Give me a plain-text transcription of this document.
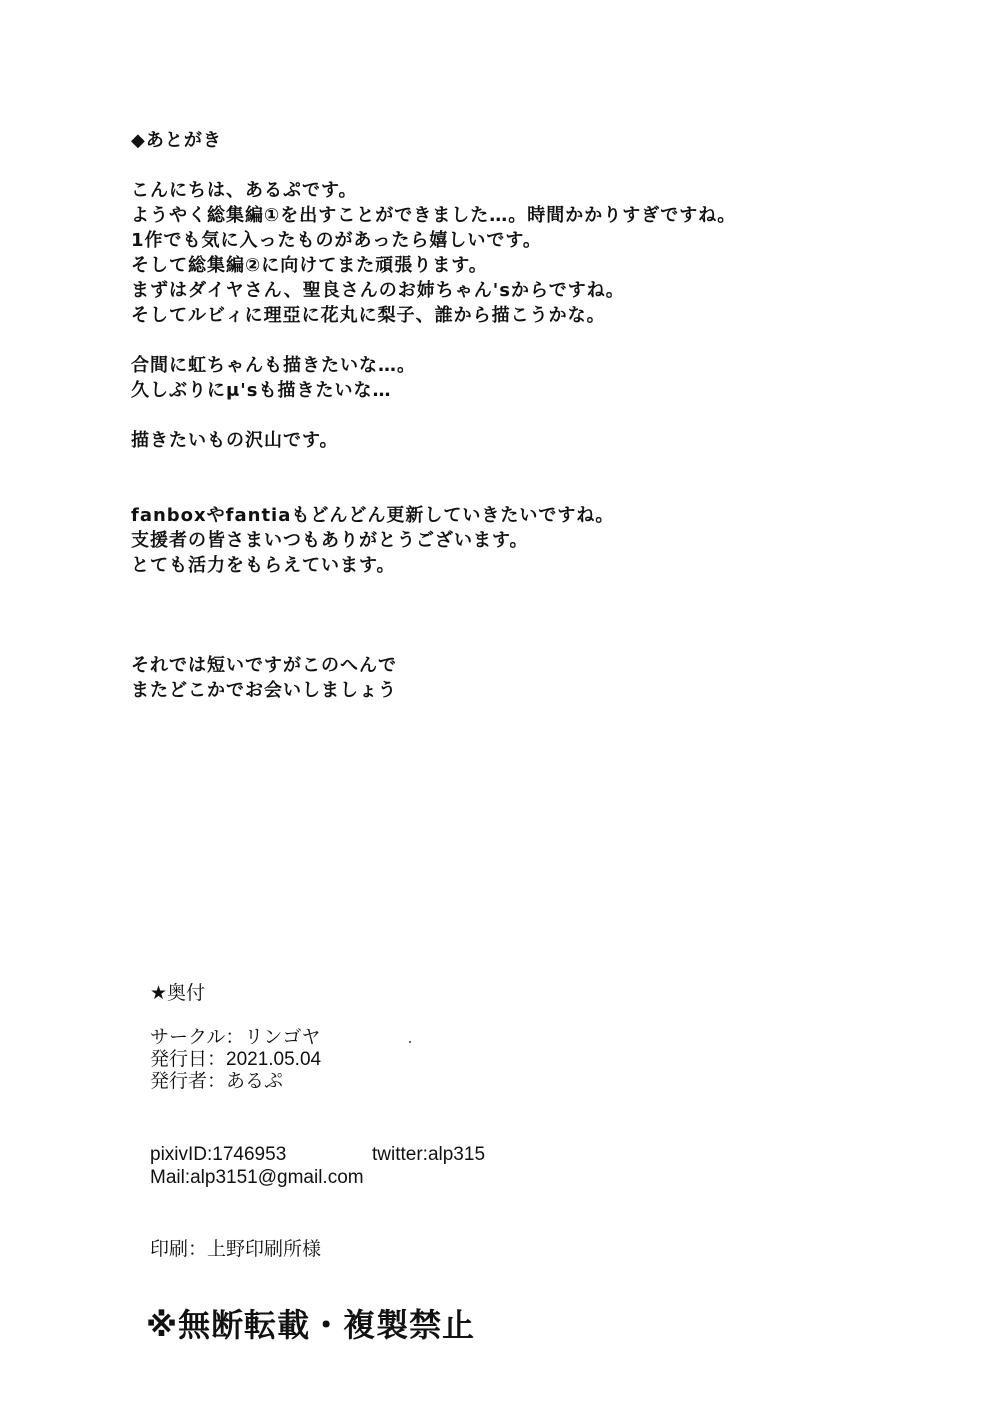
◆あとがき
こんにちは、あるぷです。
ようやく総集編①を出すことができました…。時間かかりすぎですね。
1作でも気に入ったものがあったら嬉しいです。
そして総集編②に向けてまた頑張ります。
まずはダイヤさん、聖良さんのお姉ちゃん'sからですね。
そしてルビィに理亞に花丸に梨子、誰から描こうかな。
合間に虹ちゃんも描きたいな…。
久しぶりにμ'sも描きたいな…
描きたいもの沢山です。
fanboxやfantiaもどんどん更新していきたいですね。
支援者の皆さまいつもありがとうございます。
とても活力をもらえています。
それでは短いですがこのへんで
またどこかでお会いしましょう
★奥付
サークル：リンゴヤ
発行日：2021.05.04
発行者：あるぷ
pixivID:1746953	twitter:alp315
Mail:alp3151@gmail.com
印刷：上野印刷所様
※無断転載・複製禁止
